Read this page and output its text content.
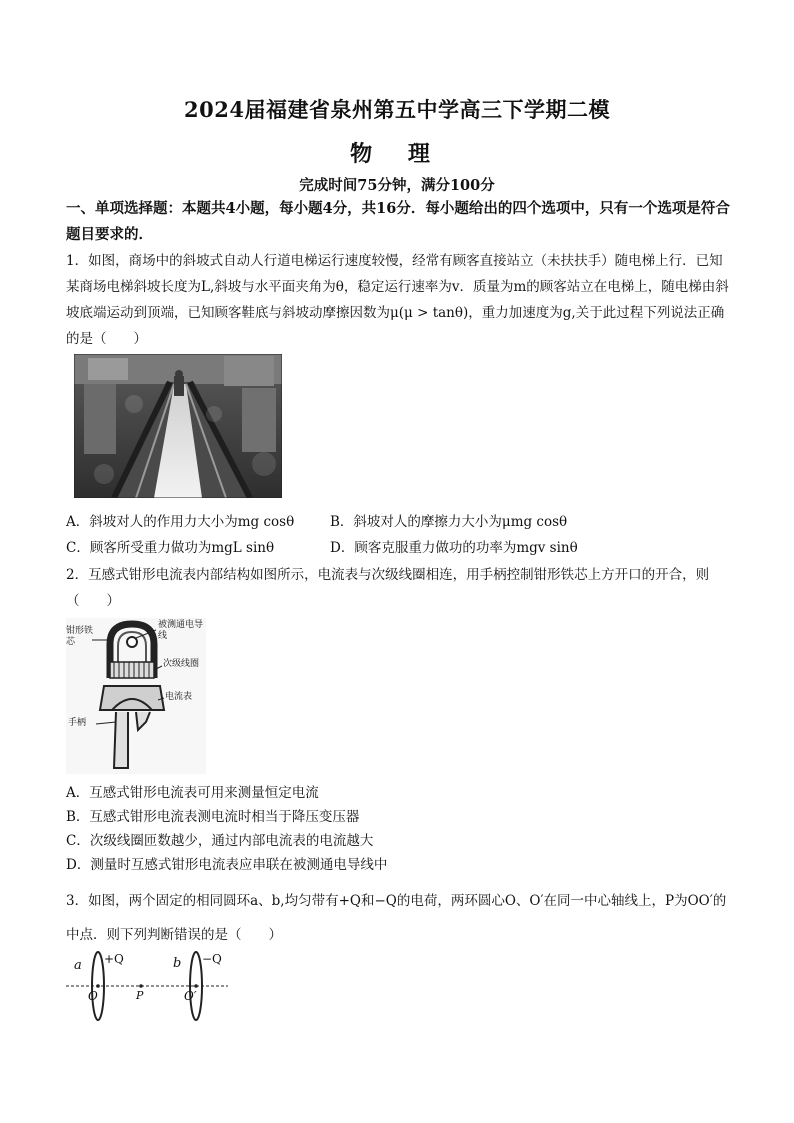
2024届福建省泉州第五中学高三下学期二模
物 理
完成时间75分钟，满分100分
一、单项选择题：本题共4小题，每小题4分，共16分．每小题给出的四个选项中，只有一个选项是符合题目要求的．
1．如图，商场中的斜坡式自动人行道电梯运行速度较慢，经常有顾客直接站立（未扶扶手）随电梯上行．已知某商场电梯斜坡长度为L,斜坡与水平面夹角为θ，稳定运行速率为v．质量为m的顾客站立在电梯上，随电梯由斜坡底端运动到顶端，已知顾客鞋底与斜坡动摩擦因数为μ(μ > tanθ)，重力加速度为g,关于此过程下列说法正确的是（　　）
A．斜坡对人的作用力大小为mg cosθ	B．斜坡对人的摩擦力大小为μmg cosθ
C．顾客所受重力做功为mgL sinθ	D．顾客克服重力做功的功率为mgv sinθ
2．互感式钳形电流表内部结构如图所示，电流表与次级线圈相连，用手柄控制钳形铁芯上方开口的开合，则（　　）
钳形铁芯
被测通电导线
次级线圈
电流表
手柄
A．互感式钳形电流表可用来测量恒定电流
B．互感式钳形电流表测电流时相当于降压变压器
C．次级线圈匝数越少，通过内部电流表的电流越大
D．测量时互感式钳形电流表应串联在被测通电导线中
3．如图，两个固定的相同圆环a、b,均匀带有+Q和−Q的电荷，两环圆心O、O′在同一中心轴线上，P为OO′的中点．则下列判断错误的是（　　）
a +Q	b −Q
O	P	O′
